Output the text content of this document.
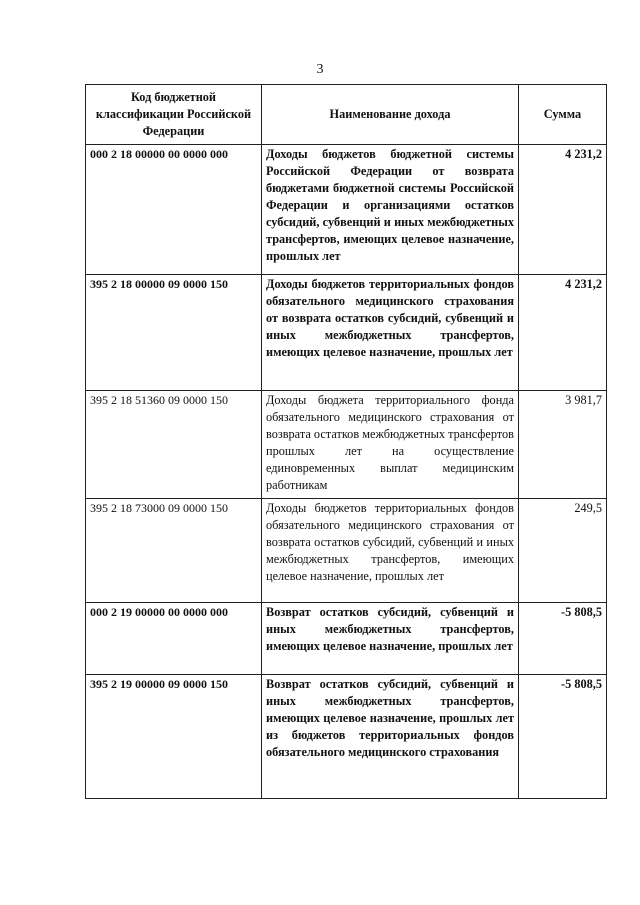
3
Код бюджетной классификации Российской Федерации	Наименование дохода	Сумма
000 2 18 00000 00 0000 000	Доходы бюджетов бюджетной системы Российской Федерации от возврата бюджетами бюджетной системы Российской Федерации и организациями остатков субсидий, субвенций и иных межбюджетных трансфертов, имеющих целевое назначение, прошлых лет	4 231,2
395 2 18 00000 09 0000 150	Доходы бюджетов территориальных фондов обязательного медицинского страхования от возврата остатков субсидий, субвенций и иных межбюджетных трансфертов, имеющих целевое назначение, прошлых лет	4 231,2
395 2 18 51360 09 0000 150	Доходы бюджета территориального фонда обязательного медицинского страхования от возврата остатков межбюджетных трансфертов прошлых лет на осуществление единовременных выплат медицинским работникам	3 981,7
395 2 18 73000 09 0000 150	Доходы бюджетов территориальных фондов обязательного медицинского страхования от возврата остатков субсидий, субвенций и иных межбюджетных трансфертов, имеющих целевое назначение, прошлых лет	249,5
000 2 19 00000 00 0000 000	Возврат остатков субсидий, субвенций и иных межбюджетных трансфертов, имеющих целевое назначение, прошлых лет	-5 808,5
395 2 19 00000 09 0000 150	Возврат остатков субсидий, субвенций и иных межбюджетных трансфертов, имеющих целевое назначение, прошлых лет из бюджетов территориальных фондов обязательного медицинского страхования	-5 808,5
